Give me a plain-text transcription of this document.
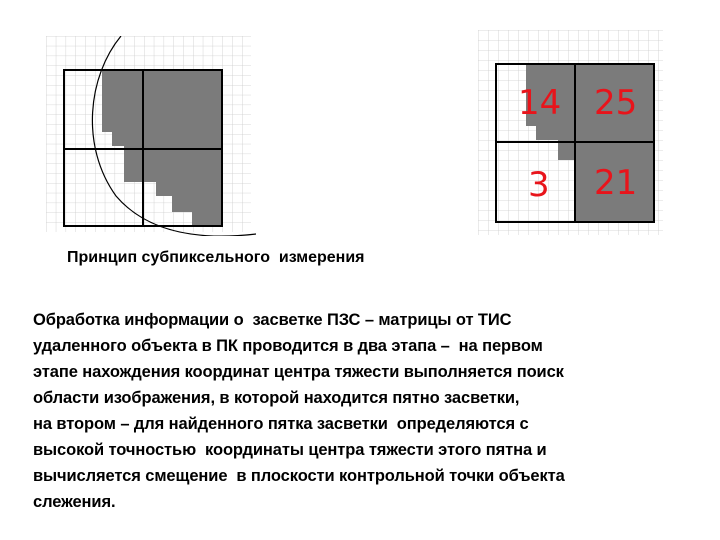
14 25
3 21
Принцип субпиксельного  измерения
Обработка информации о  засветке ПЗС – матрицы от ТИС
удаленного объекта в ПК проводится в два этапа –  на первом
этапе нахождения координат центра тяжести выполняется поиск
области изображения, в которой находится пятно засветки,
на втором – для найденного пятка засветки  определяются с
высокой точностью  координаты центра тяжести этого пятна и
вычисляется смещение  в плоскости контрольной точки объекта
слежения.
